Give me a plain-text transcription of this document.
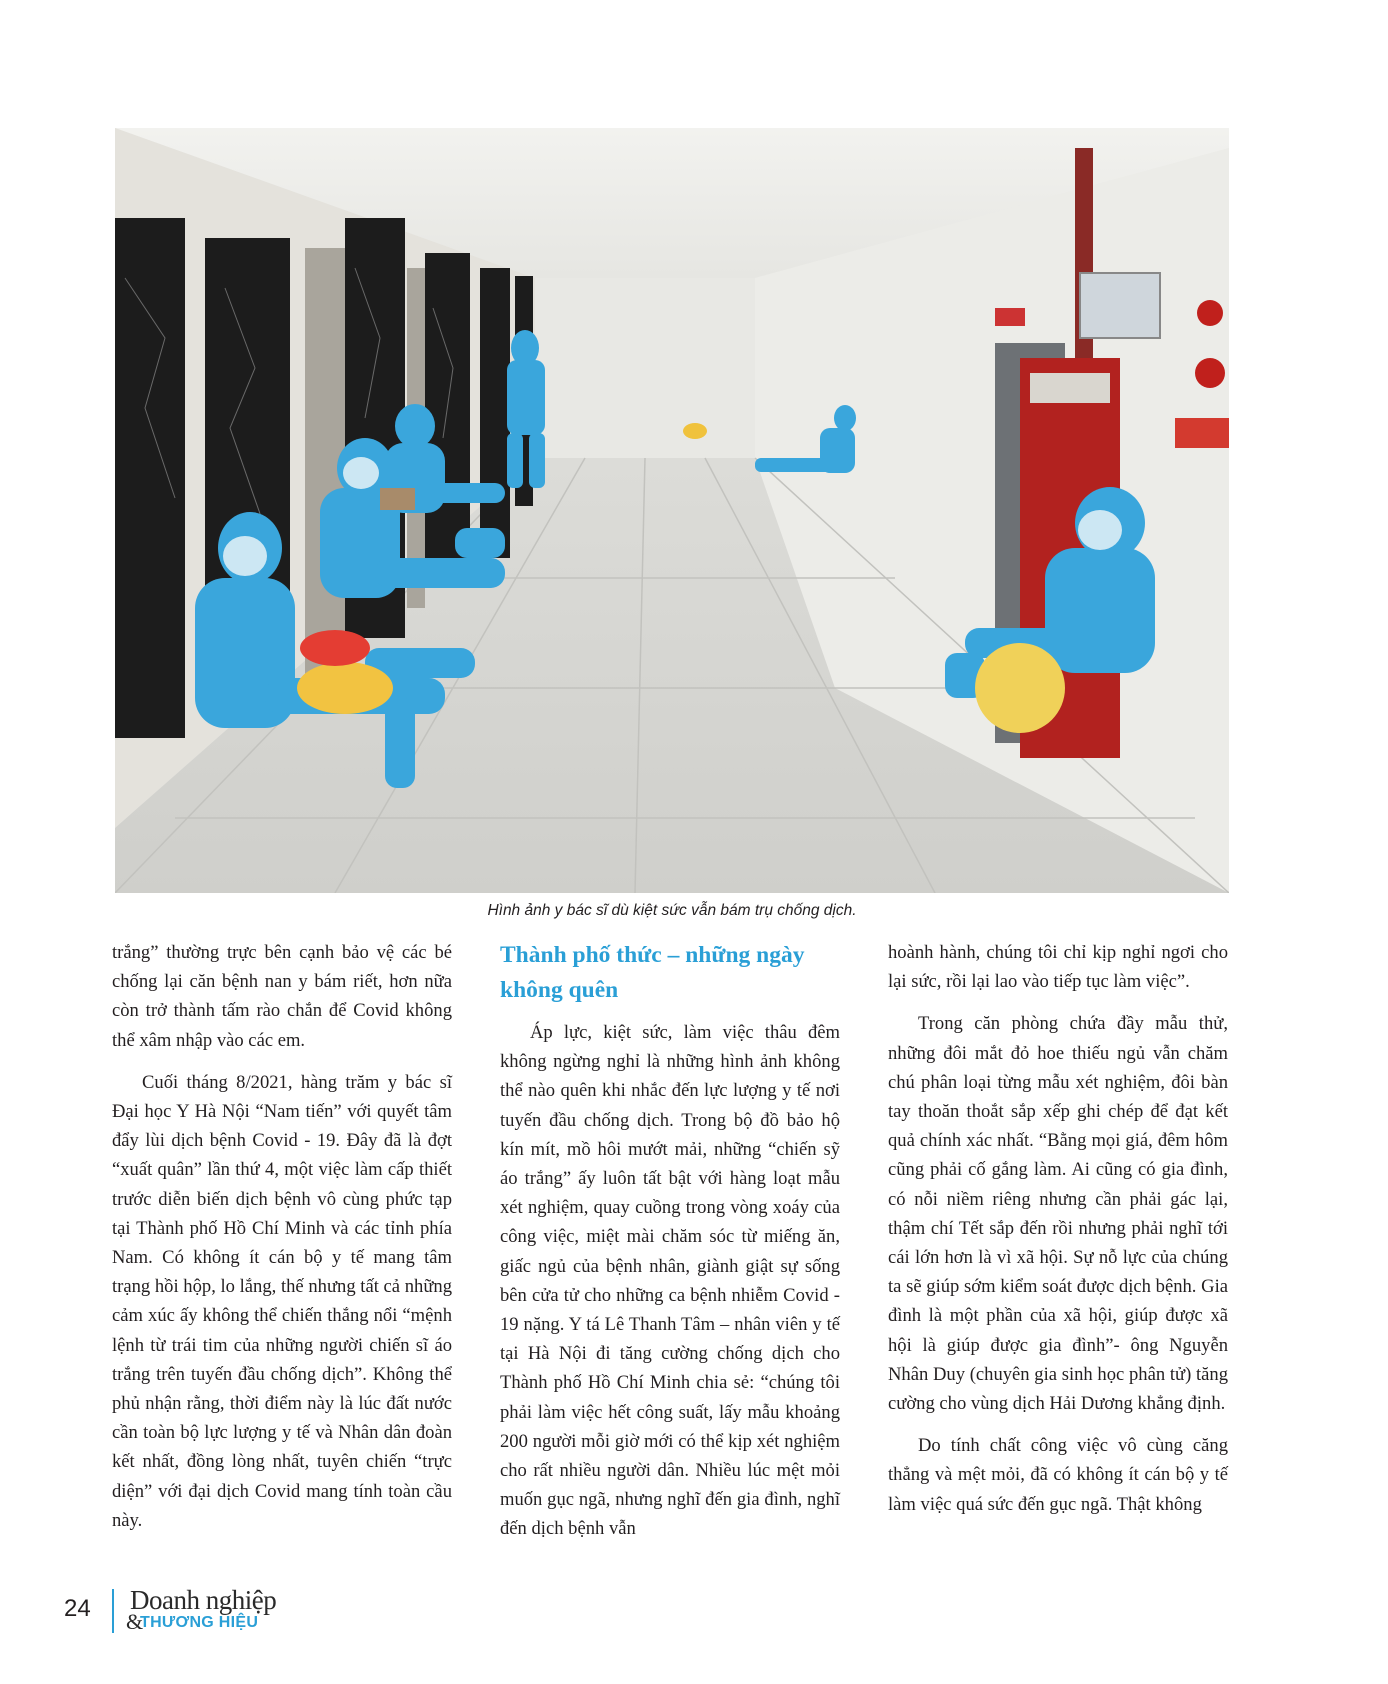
Hình ảnh y bác sĩ dù kiệt sức vẫn bám trụ chống dịch.

trắng” thường trực bên cạnh bảo vệ các bé chống lại căn bệnh nan y bám riết, hơn nữa còn trở thành tấm rào chắn để Covid không thể xâm nhập vào các em.

Cuối tháng 8/2021, hàng trăm y bác sĩ Đại học Y Hà Nội “Nam tiến” với quyết tâm đẩy lùi dịch bệnh Covid - 19. Đây đã là đợt “xuất quân” lần thứ 4, một việc làm cấp thiết trước diễn biến dịch bệnh vô cùng phức tạp tại Thành phố Hồ Chí Minh và các tỉnh phía Nam. Có không ít cán bộ y tế mang tâm trạng hồi hộp, lo lắng, thế nhưng tất cả những cảm xúc ấy không thể chiến thắng nổi “mệnh lệnh từ trái tim của những người chiến sĩ áo trắng trên tuyến đầu chống dịch”. Không thể phủ nhận rằng, thời điểm này là lúc đất nước cần toàn bộ lực lượng y tế và Nhân dân đoàn kết nhất, đồng lòng nhất, tuyên chiến “trực diện” với đại dịch Covid mang tính toàn cầu này.

Thành phố thức – những ngày không quên

Áp lực, kiệt sức, làm việc thâu đêm không ngừng nghỉ là những hình ảnh không thể nào quên khi nhắc đến lực lượng y tế nơi tuyến đầu chống dịch. Trong bộ đồ bảo hộ kín mít, mồ hôi mướt mải, những “chiến sỹ áo trắng” ấy luôn tất bật với hàng loạt mẫu xét nghiệm, quay cuồng trong vòng xoáy của công việc, miệt mài chăm sóc từ miếng ăn, giấc ngủ của bệnh nhân, giành giật sự sống bên cửa tử cho những ca bệnh nhiễm Covid - 19 nặng. Y tá Lê Thanh Tâm – nhân viên y tế tại Hà Nội đi tăng cường chống dịch cho Thành phố Hồ Chí Minh chia sẻ: “chúng tôi phải làm việc hết công suất, lấy mẫu khoảng 200 người mỗi giờ mới có thể kịp xét nghiệm cho rất nhiều người dân. Nhiều lúc mệt mỏi muốn gục ngã, nhưng nghĩ đến gia đình, nghĩ đến dịch bệnh vẫn

hoành hành, chúng tôi chỉ kịp nghỉ ngơi cho lại sức, rồi lại lao vào tiếp tục làm việc”.

Trong căn phòng chứa đầy mẫu thử, những đôi mắt đỏ hoe thiếu ngủ vẫn chăm chú phân loại từng mẫu xét nghiệm, đôi bàn tay thoăn thoắt sắp xếp ghi chép để đạt kết quả chính xác nhất. “Bằng mọi giá, đêm hôm cũng phải cố gắng làm. Ai cũng có gia đình, có nỗi niềm riêng nhưng cần phải gác lại, thậm chí Tết sắp đến rồi nhưng phải nghĩ tới cái lớn hơn là vì xã hội. Sự nỗ lực của chúng ta sẽ giúp sớm kiểm soát được dịch bệnh. Gia đình là một phần của xã hội, giúp được xã hội là giúp được gia đình”- ông Nguyễn Nhân Duy (chuyên gia sinh học phân tử) tăng cường cho vùng dịch Hải Dương khẳng định.

Do tính chất công việc vô cùng căng thẳng và mệt mỏi, đã có không ít cán bộ y tế làm việc quá sức đến gục ngã. Thật không

24 Doanh nghiệp
&
THƯƠNG HIỆU
